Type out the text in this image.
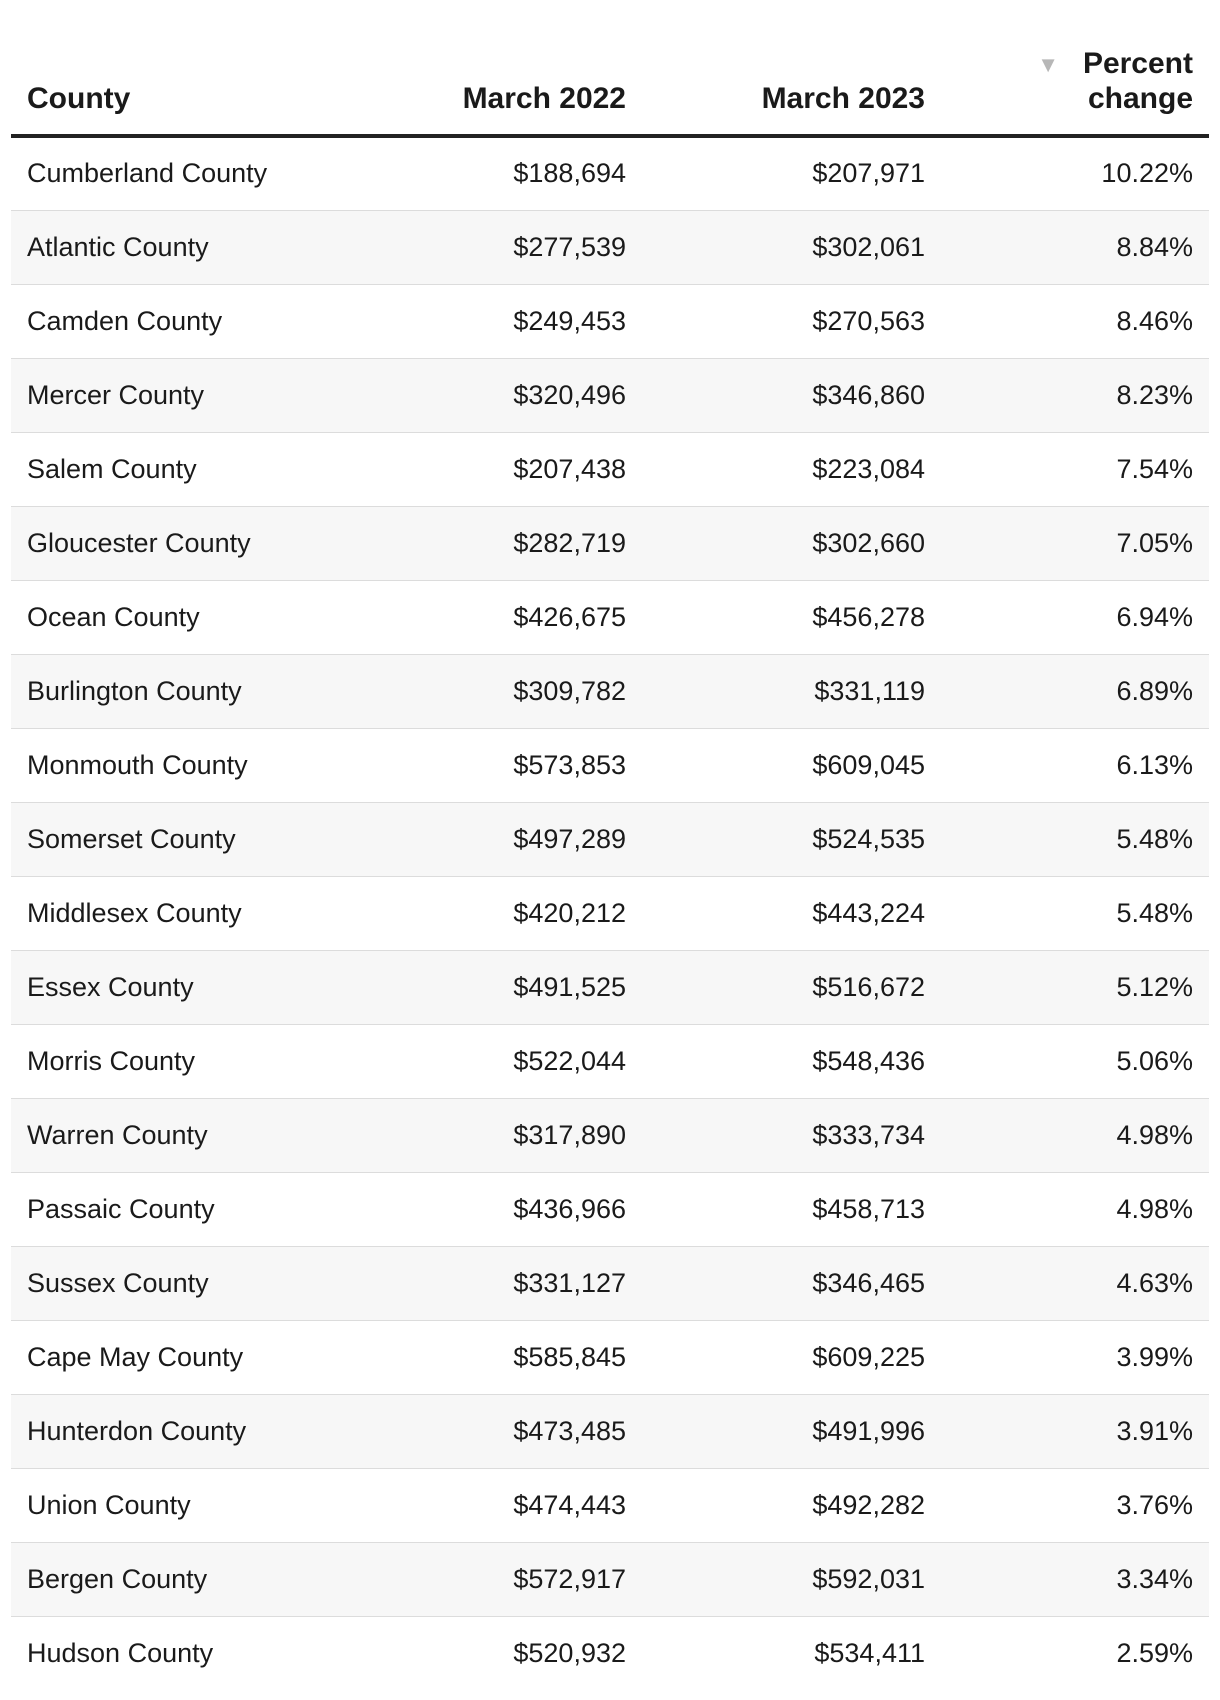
County	March 2022	March 2023	▼ Percent change

Cumberland County	$188,694	$207,971	10.22%
Atlantic County	$277,539	$302,061	8.84%
Camden County	$249,453	$270,563	8.46%
Mercer County	$320,496	$346,860	8.23%
Salem County	$207,438	$223,084	7.54%
Gloucester County	$282,719	$302,660	7.05%
Ocean County	$426,675	$456,278	6.94%
Burlington County	$309,782	$331,119	6.89%
Monmouth County	$573,853	$609,045	6.13%
Somerset County	$497,289	$524,535	5.48%
Middlesex County	$420,212	$443,224	5.48%
Essex County	$491,525	$516,672	5.12%
Morris County	$522,044	$548,436	5.06%
Warren County	$317,890	$333,734	4.98%
Passaic County	$436,966	$458,713	4.98%
Sussex County	$331,127	$346,465	4.63%
Cape May County	$585,845	$609,225	3.99%
Hunterdon County	$473,485	$491,996	3.91%
Union County	$474,443	$492,282	3.76%
Bergen County	$572,917	$592,031	3.34%
Hudson County	$520,932	$534,411	2.59%
